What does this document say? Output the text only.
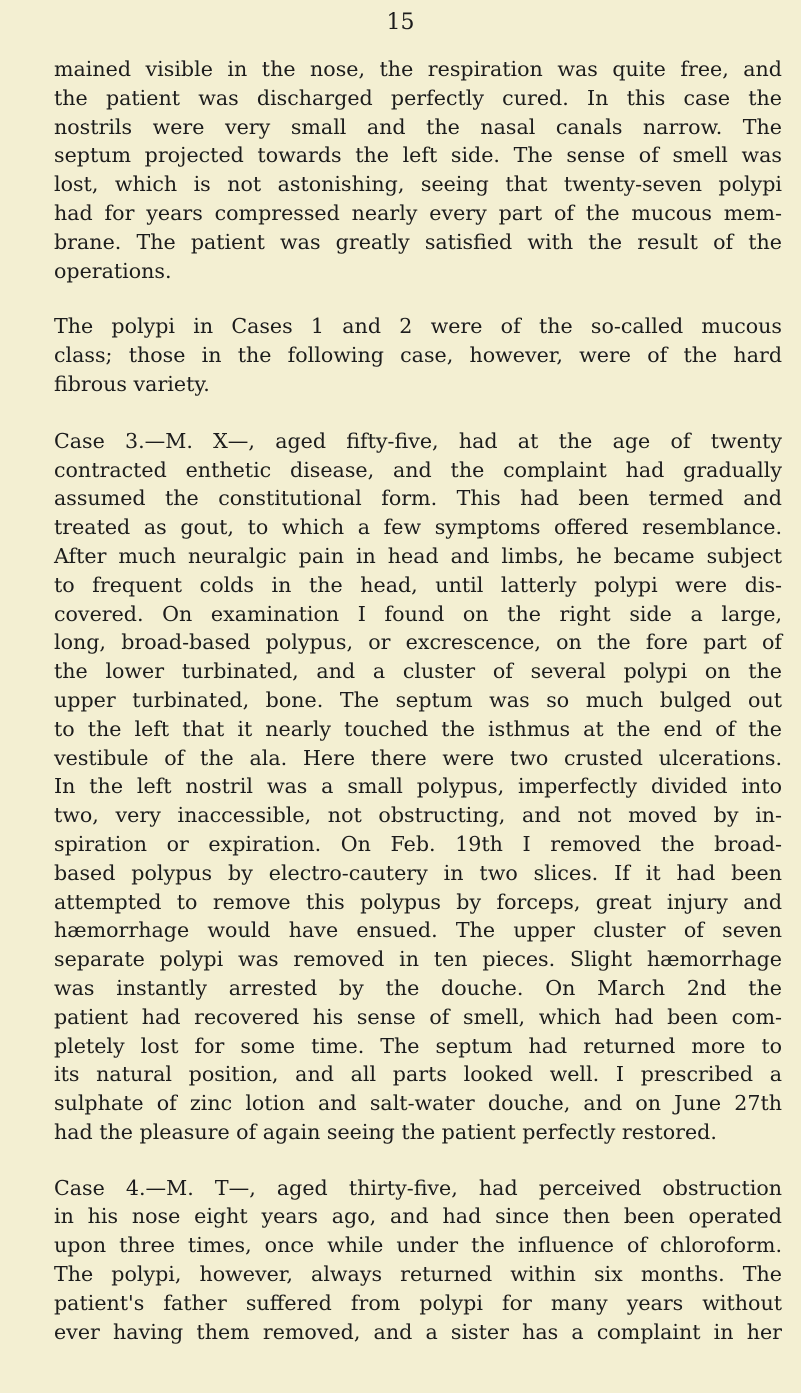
15

mained visible in the nose, the respiration was quite free, and
the patient was discharged perfectly cured. In this case the
nostrils were very small and the nasal canals narrow. The
septum projected towards the left side. The sense of smell was
lost, which is not astonishing, seeing that twenty-seven polypi
had for years compressed nearly every part of the mucous mem-
brane. The patient was greatly satisfied with the result of the
operations.

The polypi in Cases 1 and 2 were of the so-called mucous
class; those in the following case, however, were of the hard
fibrous variety.

Case 3.—M. X—, aged fifty-five, had at the age of twenty
contracted enthetic disease, and the complaint had gradually
assumed the constitutional form. This had been termed and
treated as gout, to which a few symptoms offered resemblance.
After much neuralgic pain in head and limbs, he became subject
to frequent colds in the head, until latterly polypi were dis-
covered. On examination I found on the right side a large,
long, broad-based polypus, or excrescence, on the fore part of
the lower turbinated, and a cluster of several polypi on the
upper turbinated, bone. The septum was so much bulged out
to the left that it nearly touched the isthmus at the end of the
vestibule of the ala. Here there were two crusted ulcerations.
In the left nostril was a small polypus, imperfectly divided into
two, very inaccessible, not obstructing, and not moved by in-
spiration or expiration. On Feb. 19th I removed the broad-
based polypus by electro-cautery in two slices. If it had been
attempted to remove this polypus by forceps, great injury and
hæmorrhage would have ensued. The upper cluster of seven
separate polypi was removed in ten pieces. Slight hæmorrhage
was instantly arrested by the douche. On March 2nd the
patient had recovered his sense of smell, which had been com-
pletely lost for some time. The septum had returned more to
its natural position, and all parts looked well. I prescribed a
sulphate of zinc lotion and salt-water douche, and on June 27th
had the pleasure of again seeing the patient perfectly restored.

Case 4.—M. T—, aged thirty-five, had perceived obstruction
in his nose eight years ago, and had since then been operated
upon three times, once while under the influence of chloroform.
The polypi, however, always returned within six months. The
patient's father suffered from polypi for many years without
ever having them removed, and a sister has a complaint in her
